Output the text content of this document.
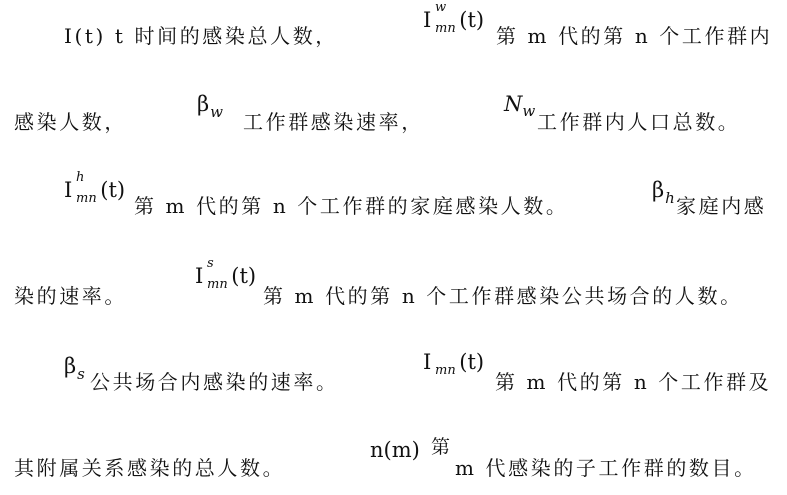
I(t) t 时间的感染总人数，
I
w
mn (t)
第 m 代的第 n 个工作群内
感染人数，
$\beta_w$ 工作群感染速率，
$N_w$ 工作群内人口总数。
I
h
mn (t)
第 m 代的第 n 个工作群的家庭感染人数。
$\beta_h$ 家庭内感
染的速率。
I
s
mn (t)
第 m 代的第 n 个工作群感染公共场合的人数。
$\beta_s$ 公共场合内感染的速率。
I mn (t)
第 m 代的第 n 个工作群及
其附属关系感染的总人数。
n(m) 第
m 代感染的子工作群的数目。
